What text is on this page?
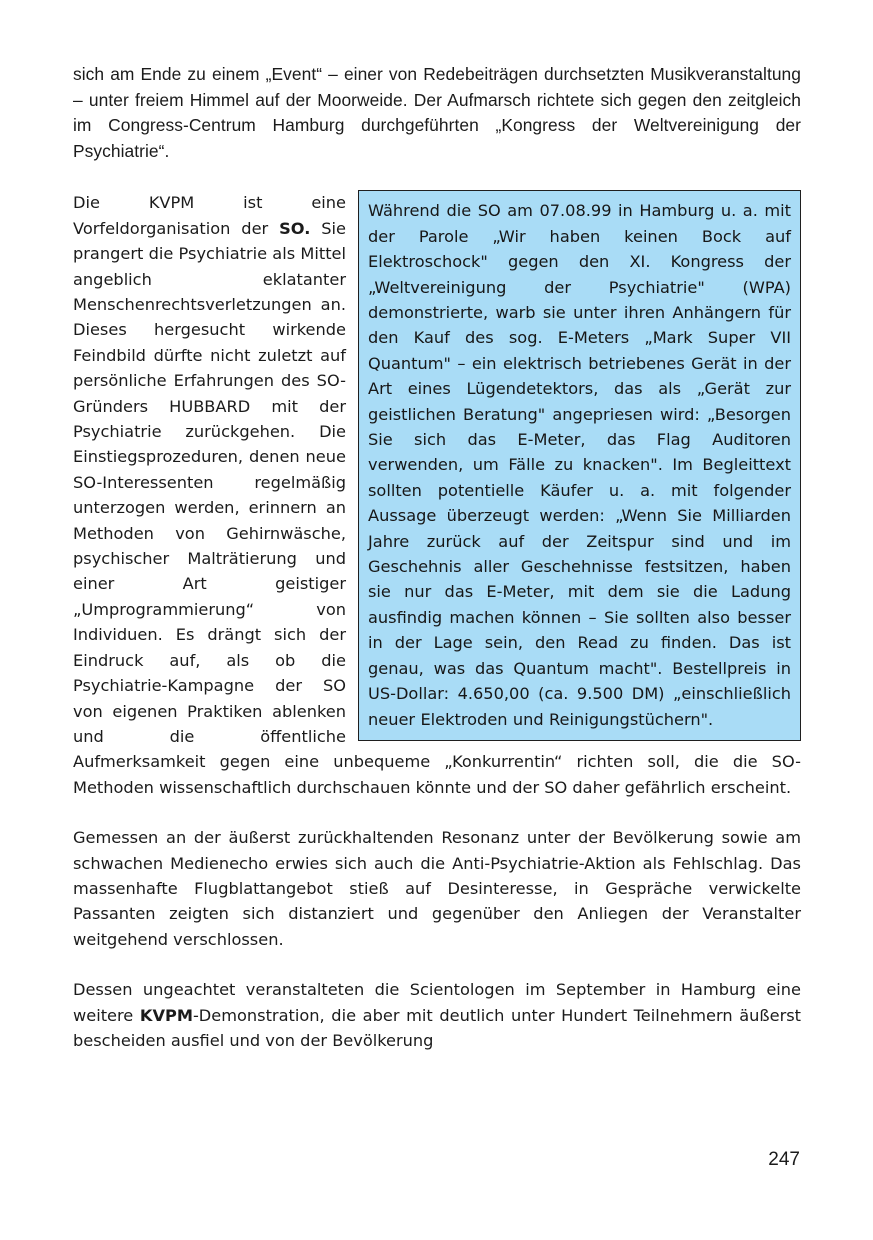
sich am Ende zu einem „Event“ – einer von Redebeiträgen durchsetzten Musikveranstaltung – unter freiem Himmel auf der Moorweide. Der Aufmarsch richtete sich gegen den zeitgleich im Congress-Centrum Hamburg durchgeführten „Kongress der Weltvereinigung der Psychiatrie“.

Während die SO am 07.08.99 in Hamburg u. a. mit der Parole „Wir haben keinen Bock auf Elektroschock" gegen den XI. Kongress der „Weltvereinigung der Psychiatrie" (WPA) demonstrierte, warb sie unter ihren Anhängern für den Kauf des sog. E-Meters „Mark Super VII Quantum" – ein elektrisch betriebenes Gerät in der Art eines Lügendetektors, das als „Gerät zur geistlichen Beratung" angepriesen wird: „Besorgen Sie sich das E-Meter, das Flag Auditoren verwenden, um Fälle zu knacken". Im Begleittext sollten potentielle Käufer u. a. mit folgender Aussage überzeugt werden: „Wenn Sie Milliarden Jahre zurück auf der Zeitspur sind und im Geschehnis aller Geschehnisse festsitzen, haben sie nur das E-Meter, mit dem sie die Ladung ausfindig machen können – Sie sollten also besser in der Lage sein, den Read zu finden. Das ist genau, was das Quantum macht". Bestellpreis in US-Dollar: 4.650,00 (ca. 9.500 DM) „einschließlich neuer Elektroden und Reinigungstüchern".

Die KVPM ist eine Vorfeldorganisation der SO. Sie prangert die Psychiatrie als Mittel angeblich eklatanter Menschenrechtsverletzungen an. Dieses hergesucht wirkende Feindbild dürfte nicht zuletzt auf persönliche Erfahrungen des SO-Gründers HUBBARD mit der Psychiatrie zurückgehen. Die Einstiegsprozeduren, denen neue SO-Interessenten regelmäßig unterzogen werden, erinnern an Methoden von Gehirnwäsche, psychischer Malträtierung und einer Art geistiger „Umprogrammierung“ von Individuen. Es drängt sich der Eindruck auf, als ob die Psychiatrie-Kampagne der SO von eigenen Praktiken ablenken und die öffentliche Aufmerksamkeit gegen eine unbequeme „Konkurrentin“ richten soll, die die SO-Methoden wissenschaftlich durchschauen könnte und der SO daher gefährlich erscheint.

Gemessen an der äußerst zurückhaltenden Resonanz unter der Bevölkerung sowie am schwachen Medienecho erwies sich auch die Anti-Psychiatrie-Aktion als Fehlschlag. Das massenhafte Flugblattangebot stieß auf Desinteresse, in Gespräche verwickelte Passanten zeigten sich distanziert und gegenüber den Anliegen der Veranstalter weitgehend verschlossen.

Dessen ungeachtet veranstalteten die Scientologen im September in Hamburg eine weitere KVPM-Demonstration, die aber mit deutlich unter Hundert Teilnehmern äußerst bescheiden ausfiel und von der Bevölkerung

247
